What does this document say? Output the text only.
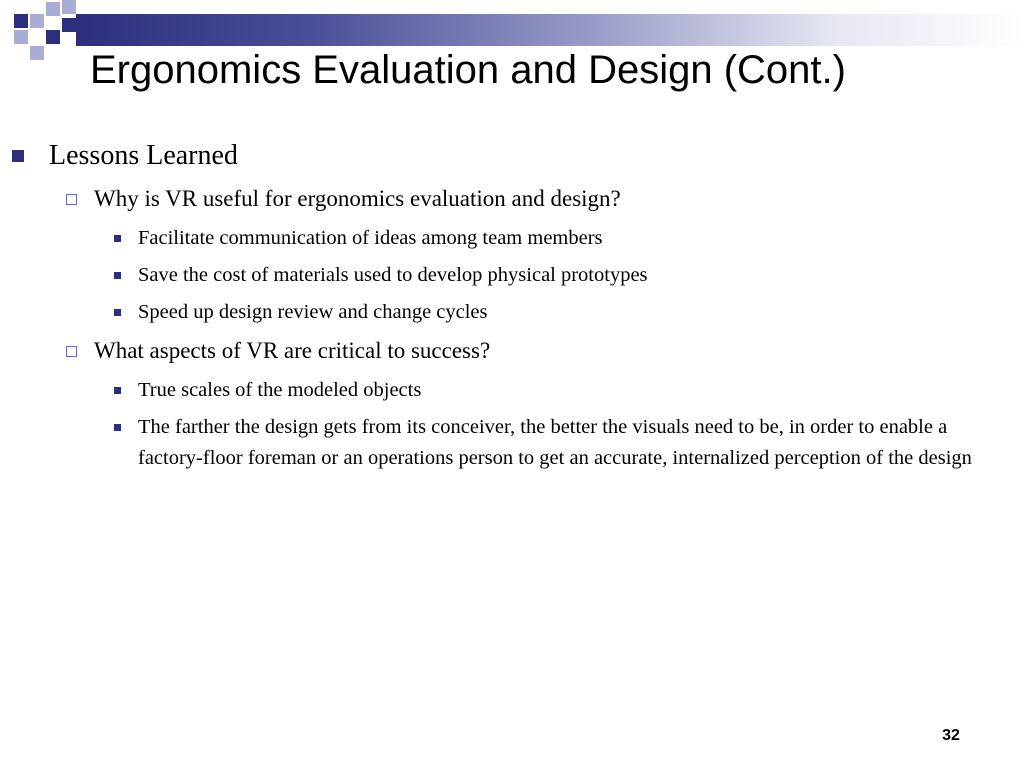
Ergonomics Evaluation and Design (Cont.)
Lessons Learned
Why is VR useful for ergonomics evaluation and design?
Facilitate communication of ideas among team members
Save the cost of materials used to develop physical prototypes
Speed up design review and change cycles
What aspects of VR are critical to success?
True scales of the modeled objects
The farther the design gets from its conceiver, the better the visuals need to be, in order to enable a factory-floor foreman or an operations person to get an accurate, internalized perception of the design
32
